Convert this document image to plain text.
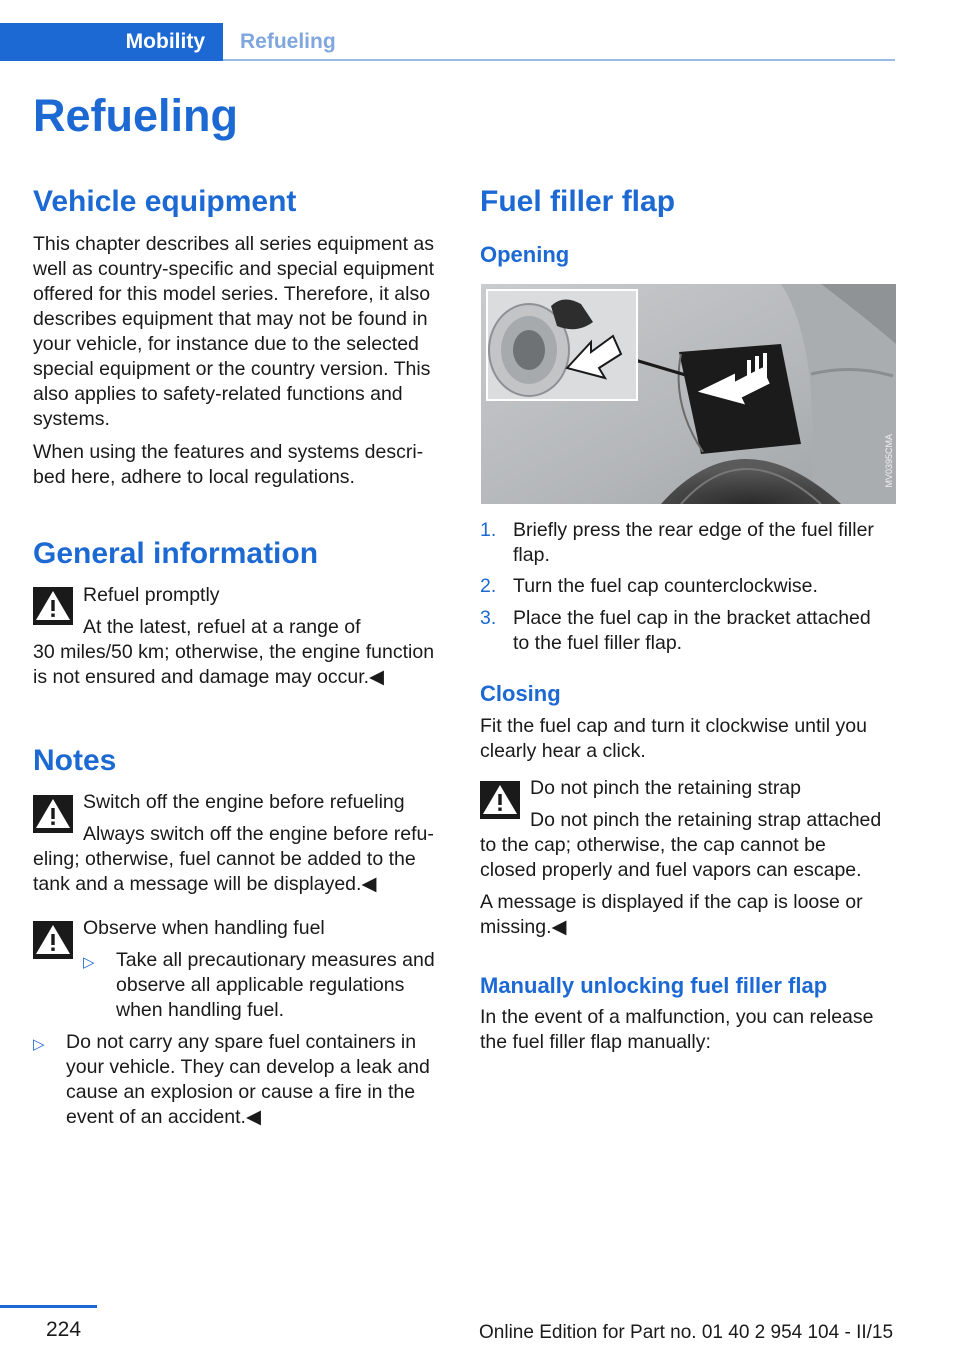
Mobility Refueling
Refueling
Vehicle equipment

This chapter describes all series equipment as

well as country-specific and special equipment

offered for this model series. Therefore, it also

describes equipment that may not be found in

your vehicle, for instance due to the selected

special equipment or the country version. This

also applies to safety-related functions and

systems.

When using the features and systems descri‐

bed here, adhere to local regulations.

General information

Refuel promptly

At the latest, refuel at a range of

30 miles/50 km; otherwise, the engine function

is not ensured and damage may occur.◀

Notes

Switch off the engine before refueling

Always switch off the engine before refu‐

eling; otherwise, fuel cannot be added to the

tank and a message will be displayed.◀

Observe when handling fuel

▷ Take all precautionary measures and
observe all applicable regulations
when handling fuel.
▷ Do not carry any spare fuel containers in
your vehicle. They can develop a leak and
cause an explosion or cause a fire in the
event of an accident.◀
Fuel filler flap
Opening
MV0395CMA
1. Briefly press the rear edge of the fuel filler
flap.
2. Turn the fuel cap counterclockwise.
3. Place the fuel cap in the bracket attached
to the fuel filler flap.
Closing

Fit the fuel cap and turn it clockwise until you

clearly hear a click.

Do not pinch the retaining strap

Do not pinch the retaining strap attached

to the cap; otherwise, the cap cannot be

closed properly and fuel vapors can escape.

A message is displayed if the cap is loose or

missing.◀

Manually unlocking fuel filler flap

In the event of a malfunction, you can release

the fuel filler flap manually:

224	Online Edition for Part no. 01 40 2 954 104 - II/15
